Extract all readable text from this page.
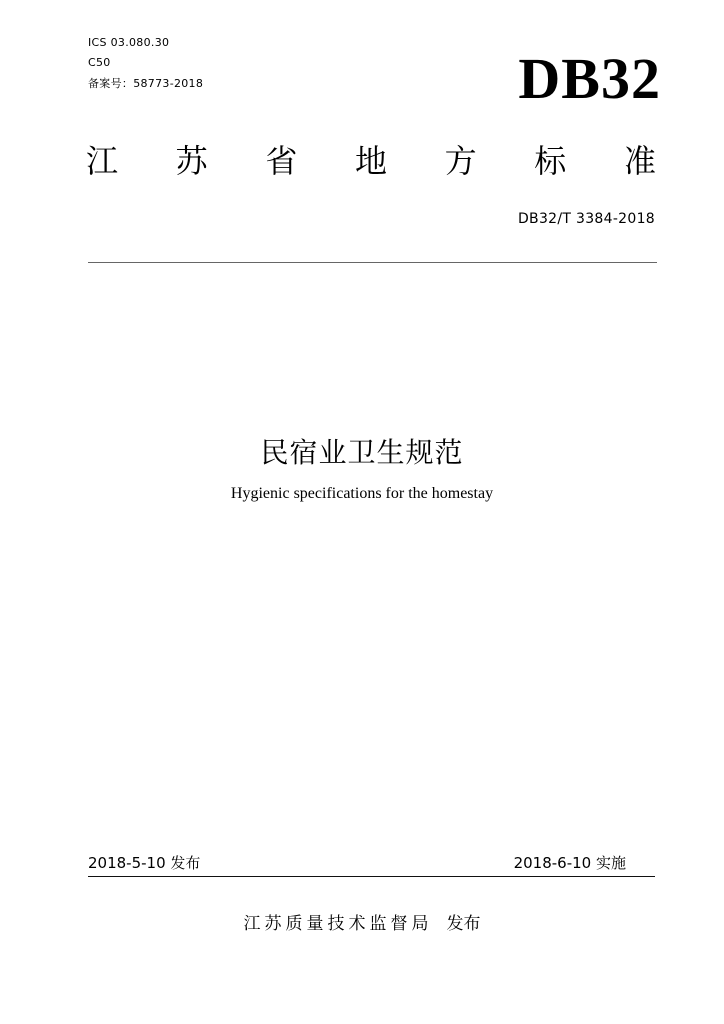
ICS 03.080.30
C50
备案号：58773-2018	DB32
江 苏 省 地 方 标 准
DB32/T 3384-2018
民宿业卫生规范
Hygienic specifications for the homestay
2018-5-10 发布	2018-6-10 实施
江苏质量技术监督局 发布
